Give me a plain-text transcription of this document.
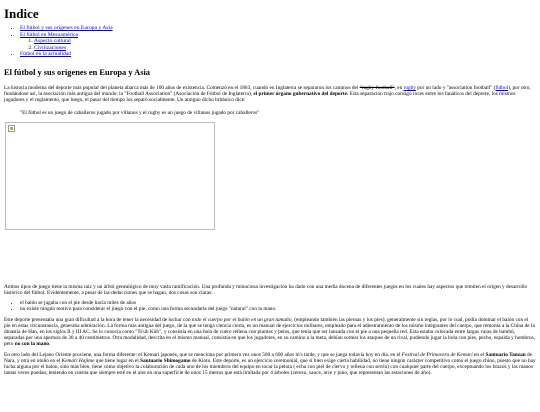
Indice
• El fútbol y sus origenes en Europa y Asia
• El fútbol en Mesoamérica
1. Aspecto cultural
2. Civilizaciones
• Fútbol en la actualidad
El fútbol y sus origenes en Europa y Asia

La historia moderna del deporte más popular del planeta abarca más de 100 años de existencia. Comenzó en el 1863, cuando en Inglaterra se separaron los caminos del "rugby-football", en rugby por un lado y "association football" (fútbol), por otro, fundándose así, la asociación más antigua del mundo: la "Football Association" (Asociación de Fútbol de Inglaterra), el primer órgano gubernativo del deporte. Esta separación trajo consigo roces entre los fanáticos del deporte, los mismos jugadores y el reglamento, que luego, el pasar del tiempo los separó socialmente. Un antiguo dicho británico dice:

"El fútbol es un juego de caballeros jugado por villanos y el rugby es un juego de villanos jugado por caballeros"

Ambos tipos de juego tiene la misma raíz y un árbol genealógico de muy vasta ramificación. Una profunda y minuciosa investigación ha dado con una media docena de diferentes juegos en los cuales hay aspectos que remiten el origen y desarrollo histórico del fútbol. Evidentemente, a pesar de las deducciones que se hagan, dos cosas son claras:

• el balón se jugaba con el pie desde hacía miles de años
• no existe ningún motivo para considerar el juego con el pie, como una forma secundaria del juego "natural" con la mano.

Este deporte presentaba una gran dificultad a la hora de tener la necesidad de luchar con todo el cuerpo por el balón en un gran tumulto, (empleando también las piernas y los pies), generalmente sin reglas, por lo cual, podía dominar el balón con el pie en estas circunstancia, generaba admiración. La forma más antigua del juego, de la que se tenga ciencia cierta, es un manual de ejercicios militares, empleado para el adiestramiento de los mismo integrantes del cuerpo, que remonta a la China de la dinastía de Han, en los siglos II y III AC. Se lo conocía como "Ts'uh Küh", y consistía en una bola de cuero rellena con plumas y pelos, que tenía que ser lanzada con el pie a una pequeña red. Esta estaba colocada entre largas varas de bambú, separadas por una apertura de 30 a 40 centímetros. Otra modalidad, descrita en el mismo manual, consistía en que los jugadores, en su camino a la meta, debían sortear los ataques de un rival, pudiendo jugar la bola con pies, pecho, espalda y hombros, pero no con la mano.

En otro lado del Lejano Oriente proviene, una forma diferente: el Kemari japonés, que se menciona por primera vez unos 500 a 600 años m's tarde, y que se juega todavía hoy en día, en el Festival de Primavera de Kemari en el Santuario Tanzan de Nara, y otra en otoño en el Kemari Hajime que tiene lugar en el Santuario Shimogamo de Kioto. Este deporte, es un ejercicio ceremonial, que si bien exige cierta habilidad, no tiene ningún carácter competitivo como el juego chino, puesto que no hay lucha alguna por el balón, sino más bien, tiene como objetivo la colaboración de cada uno de los miembros del equipo en tocar la pelota ( echa con piel de ciervo y rellena con serrín) con cualquier parte del cuerpo, exceptuando los brazos y las manos tantas veces puedan, teniendo en cuenta que siempre esté en el aire en una superficie de unos 15 metros que está limitada por 4 árboles (cerezo, sauce, arce y pino, que representan las estaciones de año).
